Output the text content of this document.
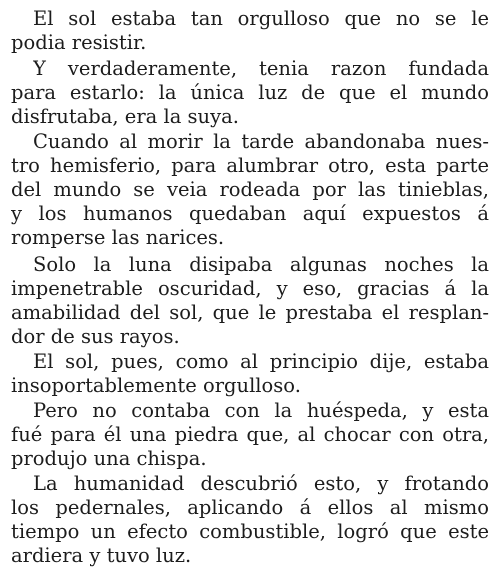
El sol estaba tan orgulloso que no se le
podia resistir.
Y verdaderamente, tenia razon fundada
para estarlo: la única luz de que el mundo
disfrutaba, era la suya.
Cuando al morir la tarde abandonaba nues-
tro hemisferio, para alumbrar otro, esta parte
del mundo se veia rodeada por las tinieblas,
y los humanos quedaban aquí expuestos á
romperse las narices.
Solo la luna disipaba algunas noches la
impenetrable oscuridad, y eso, gracias á la
amabilidad del sol, que le prestaba el resplan-
dor de sus rayos.
El sol, pues, como al principio dije, estaba
insoportablemente orgulloso.
Pero no contaba con la huéspeda, y esta
fué para él una piedra que, al chocar con otra,
produjo una chispa.
La humanidad descubrió esto, y frotando
los pedernales, aplicando á ellos al mismo
tiempo un efecto combustible, logró que este
ardiera y tuvo luz.
